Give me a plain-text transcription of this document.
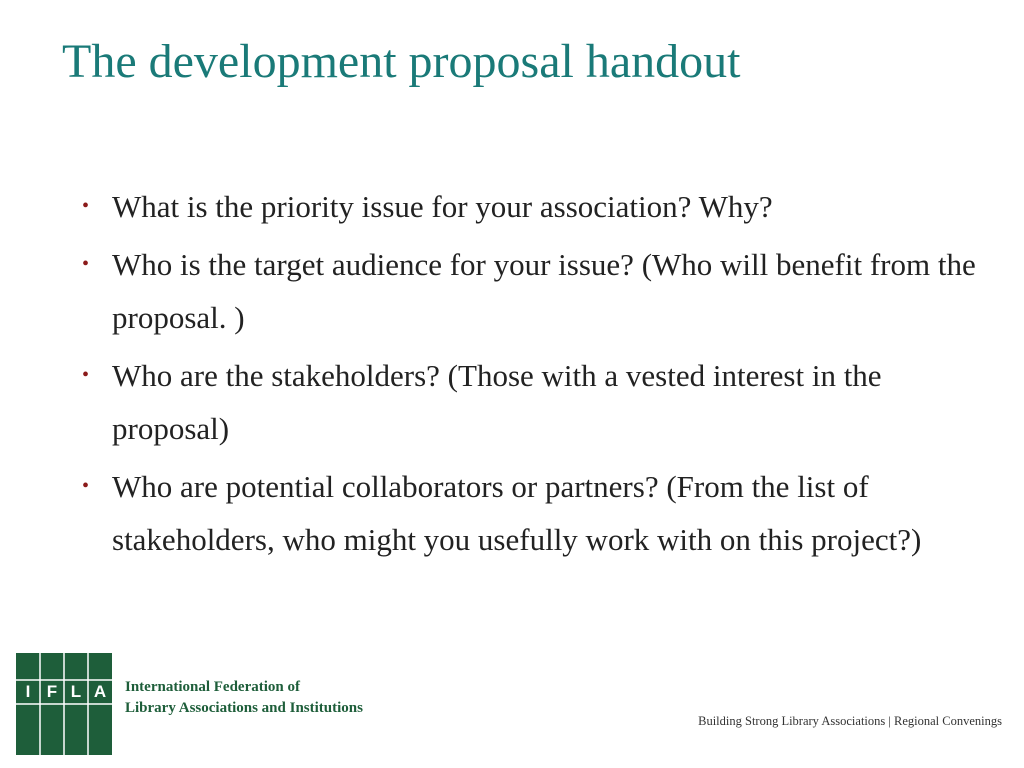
The development proposal handout
• What is the priority issue for your association? Why?
• Who is the target audience for your issue? (Who will benefit from the proposal. )
• Who are the stakeholders? (Those with a vested interest in the proposal)
• Who are potential collaborators or partners? (From the list of stakeholders, who might you usefully work with on this project?)
I F L A	International Federation of
Library Associations and Institutions
Building Strong Library Associations | Regional Convenings
